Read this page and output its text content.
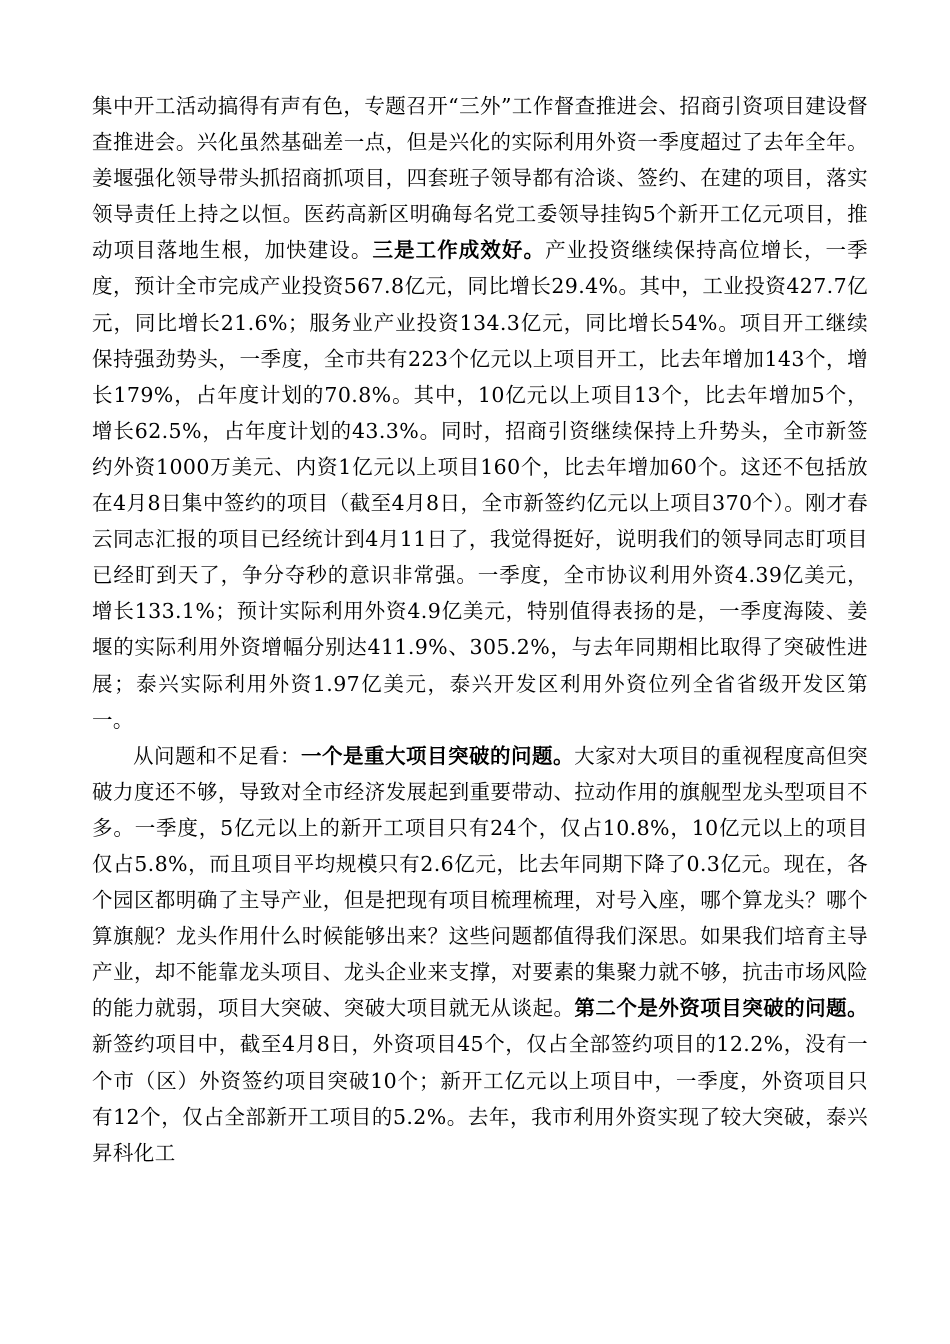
集中开工活动搞得有声有色，专题召开“三外”工作督查推进会、招商引资项目建设督查推进会。兴化虽然基础差一点，但是兴化的实际利用外资一季度超过了去年全年。姜堰强化领导带头抓招商抓项目，四套班子领导都有洽谈、签约、在建的项目，落实领导责任上持之以恒。医药高新区明确每名党工委领导挂钩5个新开工亿元项目，推动项目落地生根，加快建设。三是工作成效好。产业投资继续保持高位增长，一季度，预计全市完成产业投资567.8亿元，同比增长29.4%。其中，工业投资427.7亿元，同比增长21.6%；服务业产业投资134.3亿元，同比增长54%。项目开工继续保持强劲势头，一季度，全市共有223个亿元以上项目开工，比去年增加143个，增长179%，占年度计划的70.8%。其中，10亿元以上项目13个，比去年增加5个，增长62.5%，占年度计划的43.3%。同时，招商引资继续保持上升势头，全市新签约外资1000万美元、内资1亿元以上项目160个，比去年增加60个。这还不包括放在4月8日集中签约的项目（截至4月8日，全市新签约亿元以上项目370个）。刚才春云同志汇报的项目已经统计到4月11日了，我觉得挺好，说明我们的领导同志盯项目已经盯到天了，争分夺秒的意识非常强。一季度，全市协议利用外资4.39亿美元，增长133.1%；预计实际利用外资4.9亿美元，特别值得表扬的是，一季度海陵、姜堰的实际利用外资增幅分别达411.9%、305.2%，与去年同期相比取得了突破性进展；泰兴实际利用外资1.97亿美元，泰兴开发区利用外资位列全省省级开发区第一。

从问题和不足看：一个是重大项目突破的问题。大家对大项目的重视程度高但突破力度还不够，导致对全市经济发展起到重要带动、拉动作用的旗舰型龙头型项目不多。一季度，5亿元以上的新开工项目只有24个，仅占10.8%，10亿元以上的项目仅占5.8%，而且项目平均规模只有2.6亿元，比去年同期下降了0.3亿元。现在，各个园区都明确了主导产业，但是把现有项目梳理梳理，对号入座，哪个算龙头？哪个算旗舰？龙头作用什么时候能够出来？这些问题都值得我们深思。如果我们培育主导产业，却不能靠龙头项目、龙头企业来支撑，对要素的集聚力就不够，抗击市场风险的能力就弱，项目大突破、突破大项目就无从谈起。第二个是外资项目突破的问题。新签约项目中，截至4月8日，外资项目45个，仅占全部签约项目的12.2%，没有一个市（区）外资签约项目突破10个；新开工亿元以上项目中，一季度，外资项目只有12个，仅占全部新开工项目的5.2%。去年，我市利用外资实现了较大突破，泰兴昇科化工
